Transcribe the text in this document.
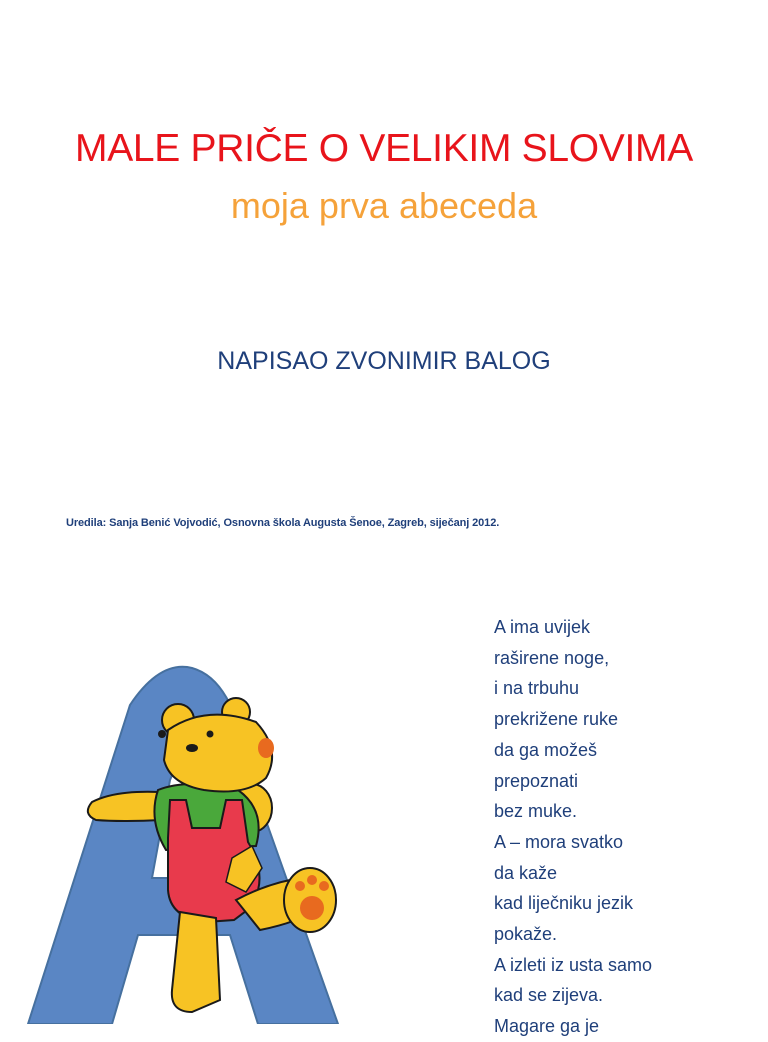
MALE PRIČE O VELIKIM SLOVIMA
moja prva abeceda
NAPISAO ZVONIMIR BALOG
Uredila: Sanja Benić Vojvodić, Osnovna škola Augusta Šenoe, Zagreb, siječanj 2012.
A ima uvijek
raširene noge,
i na trbuhu
prekrižene ruke
da ga možeš
prepoznati
bez muke.
A – mora svatko
da kaže
kad liječniku jezik
pokaže.
A izleti iz usta samo
kad se zijeva.
Magare ga je
